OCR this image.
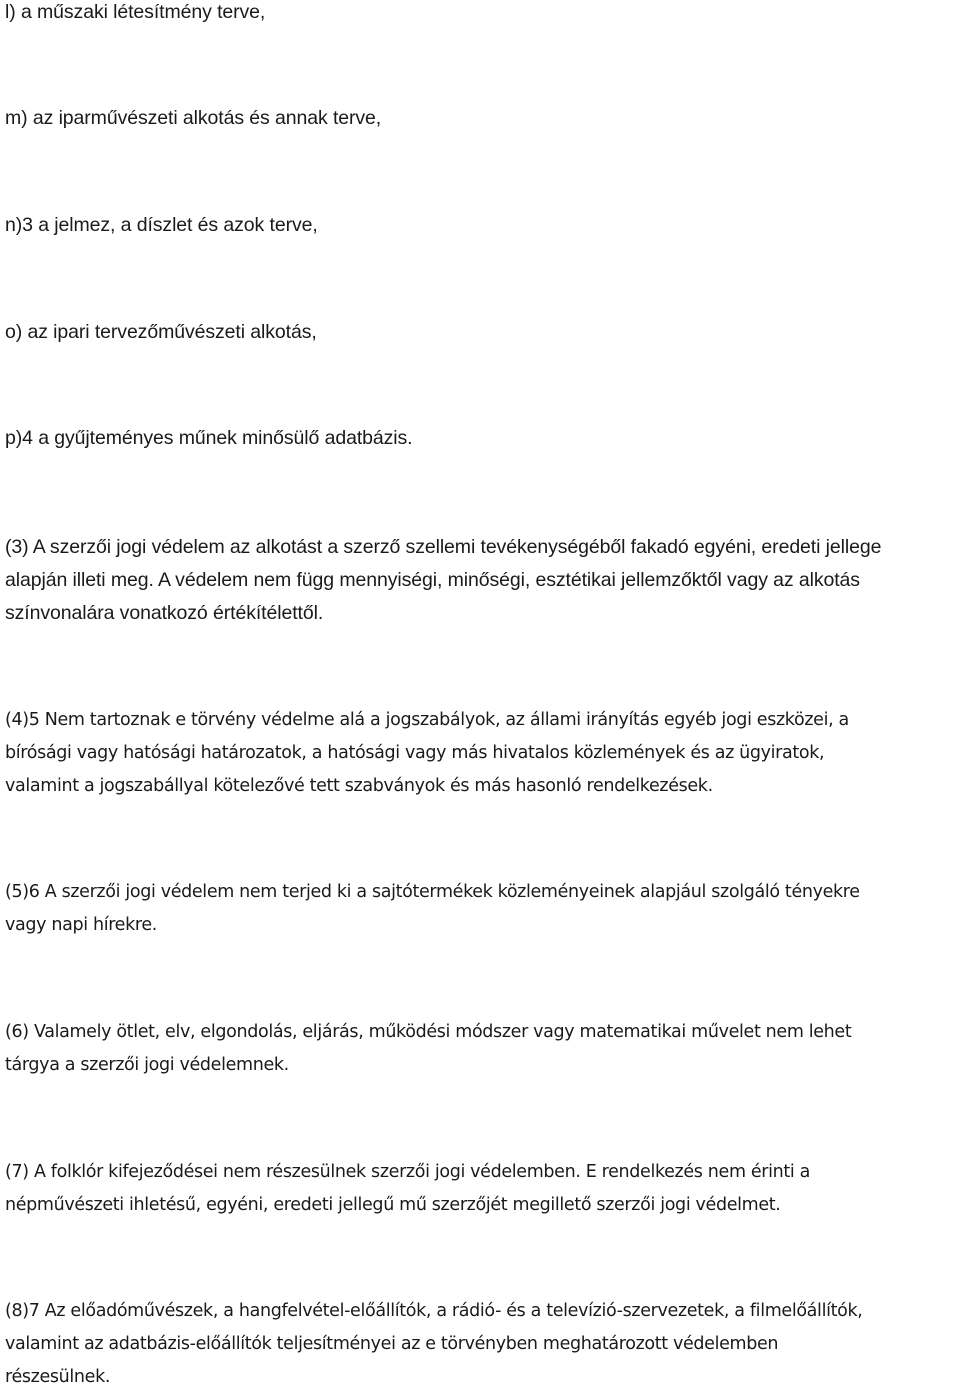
l) a műszaki létesítmény terve,

m) az iparművészeti alkotás és annak terve,

n)3 a jelmez, a díszlet és azok terve,

o) az ipari tervezőművészeti alkotás,

p)4 a gyűjteményes műnek minősülő adatbázis.

(3) A szerzői jogi védelem az alkotást a szerző szellemi tevékenységéből fakadó egyéni, eredeti jellege
alapján illeti meg. A védelem nem függ mennyiségi, minőségi, esztétikai jellemzőktől vagy az alkotás
színvonalára vonatkozó értékítélettől.
(4)5 Nem tartoznak e törvény védelme alá a jogszabályok, az állami irányítás egyéb jogi eszközei, a
bírósági vagy hatósági határozatok, a hatósági vagy más hivatalos közlemények és az ügyiratok,
valamint a jogszabállyal kötelezővé tett szabványok és más hasonló rendelkezések.
(5)6 A szerzői jogi védelem nem terjed ki a sajtótermékek közleményeinek alapjául szolgáló tényekre
vagy napi hírekre.
(6) Valamely ötlet, elv, elgondolás, eljárás, működési módszer vagy matematikai művelet nem lehet
tárgya a szerzői jogi védelemnek.
(7) A folklór kifejeződései nem részesülnek szerzői jogi védelemben. E rendelkezés nem érinti a
népművészeti ihletésű, egyéni, eredeti jellegű mű szerzőjét megillető szerzői jogi védelmet.
(8)7 Az előadóművészek, a hangfelvétel-előállítók, a rádió- és a televízió-szervezetek, a filmelőállítók,
valamint az adatbázis-előállítók teljesítményei az e törvényben meghatározott védelemben
részesülnek.
